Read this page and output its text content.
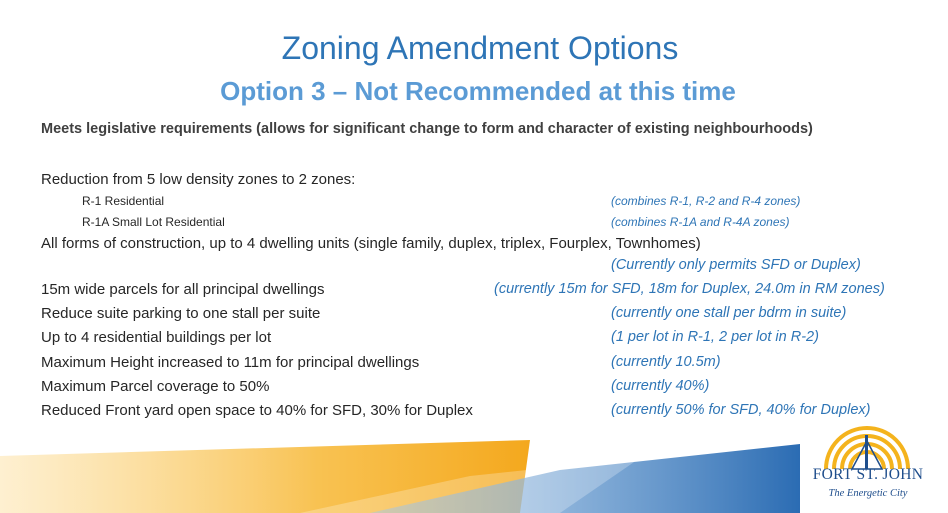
Zoning Amendment Options
Option 3 – Not Recommended at this time
Meets legislative requirements (allows for significant change to form and character of existing neighbourhoods)
Reduction from 5 low density zones to 2 zones:
R-1 Residential	(combines R-1, R-2 and R-4 zones)
R-1A Small Lot Residential	(combines R-1A and R-4A zones)
All forms of construction, up to 4 dwelling units (single family, duplex, triplex, Fourplex, Townhomes)
(Currently only permits SFD or Duplex)
15m wide parcels for all principal dwellings	(currently 15m for SFD, 18m for Duplex, 24.0m in RM zones)
Reduce suite parking to one stall per suite	(currently one stall per bdrm in suite)
Up to 4 residential buildings per lot	(1 per lot in R-1, 2 per lot in R-2)
Maximum Height increased to 11m for principal dwellings	(currently 10.5m)
Maximum Parcel coverage to 50%	(currently 40%)
Reduced Front yard open space to 40% for SFD, 30% for Duplex	(currently 50% for SFD, 40% for Duplex)
FORT ST. JOHN
The Energetic City
